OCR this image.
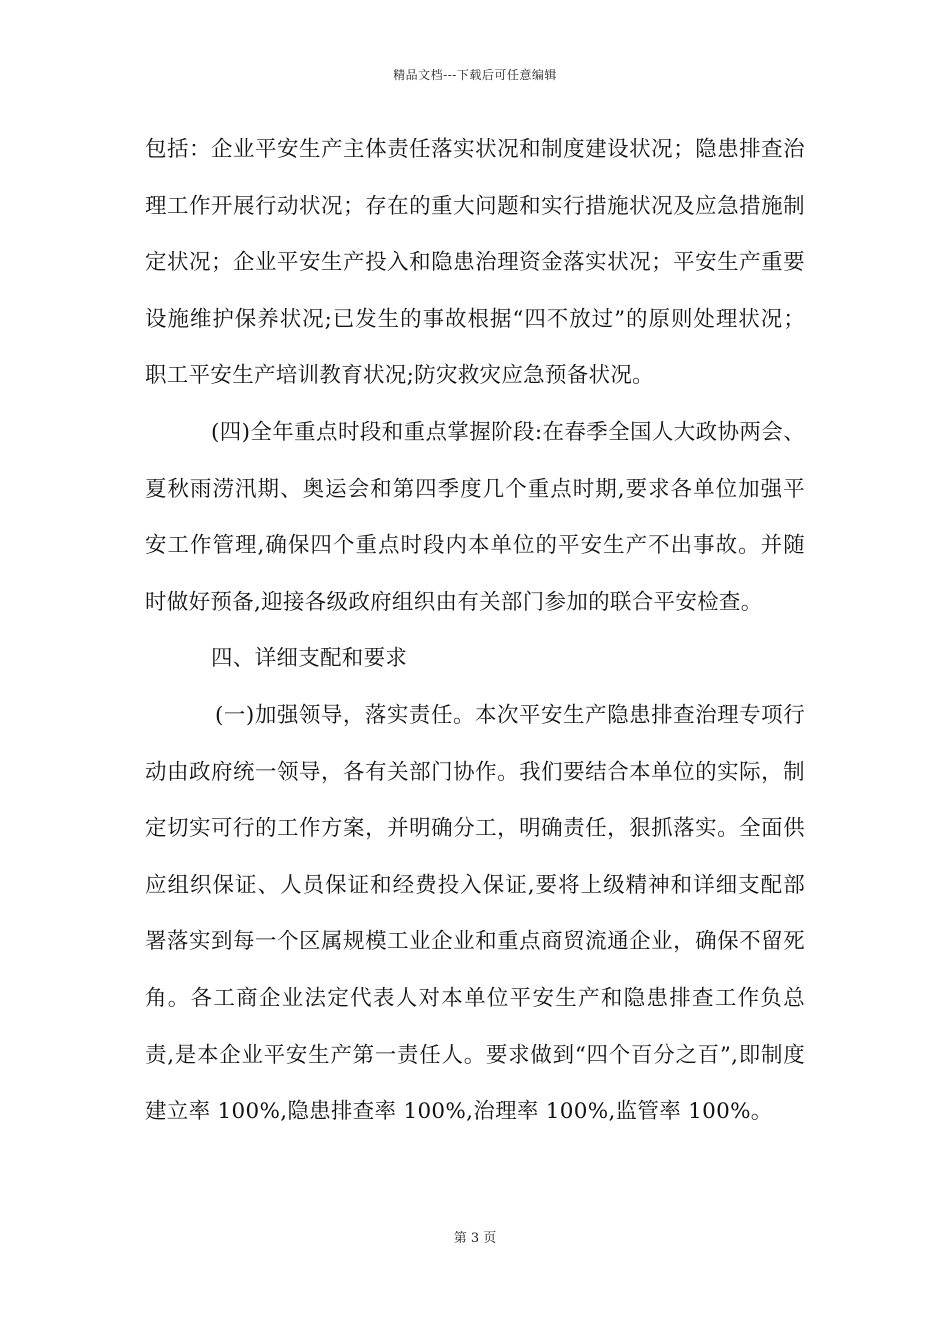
精品文档---下载后可任意编辑

包括：企业平安生产主体责任落实状况和制度建设状况；隐患排查治理工作开展行动状况；存在的重大问题和实行措施状况及应急措施制定状况；企业平安生产投入和隐患治理资金落实状况；平安生产重要设施维护保养状况;已发生的事故根据“四不放过”的原则处理状况；职工平安生产培训教育状况;防灾救灾应急预备状况。

(四)全年重点时段和重点掌握阶段:在春季全国人大政协两会、夏秋雨涝汛期、奥运会和第四季度几个重点时期,要求各单位加强平安工作管理,确保四个重点时段内本单位的平安生产不出事故。并随时做好预备,迎接各级政府组织由有关部门参加的联合平安检查。

四、详细支配和要求

(一)加强领导，落实责任。本次平安生产隐患排查治理专项行动由政府统一领导，各有关部门协作。我们要结合本单位的实际，制定切实可行的工作方案，并明确分工，明确责任，狠抓落实。全面供应组织保证、人员保证和经费投入保证,要将上级精神和详细支配部署落实到每一个区属规模工业企业和重点商贸流通企业，确保不留死角。各工商企业法定代表人对本单位平安生产和隐患排查工作负总责,是本企业平安生产第一责任人。要求做到“四个百分之百”,即制度建立率 100%,隐患排查率 100%,治理率 100%,监管率 100%。

第 3 页
